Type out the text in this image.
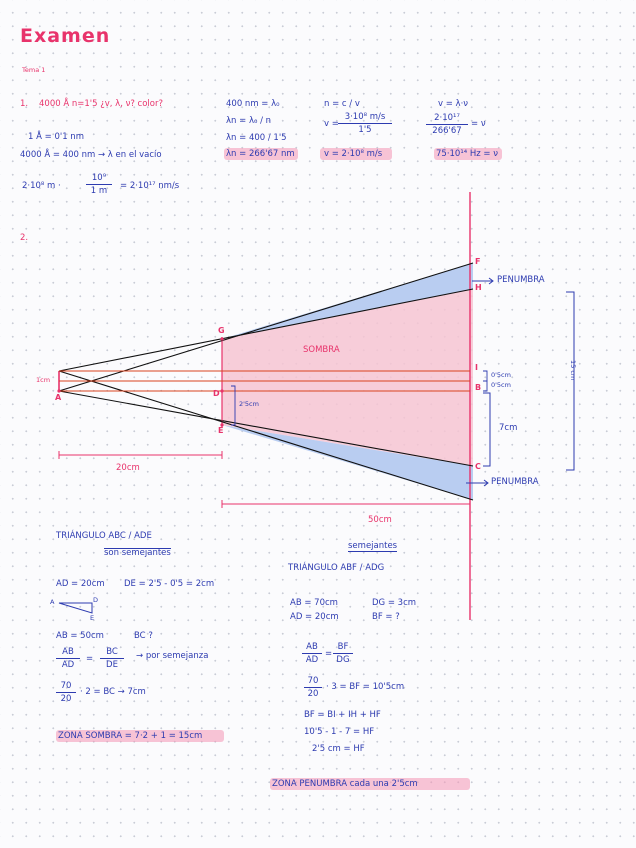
Examen
Tema 1
1. 4000 Å n=1'5 ¿v, λ, ν? color?
1 Å = 0'1 nm
4000 Å = 400 nm → λ en el vacío
400 nm = λ₀
λn = λ₀ / n
λn = 400 / 1'5
λn = 266'67 nm
n = c / v
$v = \frac{\text{3·10⁸ m/s}}{1'5}$
v = 2·10⁸ m/s
v = λ·ν
$\frac{\text{2·10¹⁷}}{266'67} = \nu$
75·10¹⁴ Hz = ν
2·10⁸ m ·	$\frac{\text{10⁹}}{1 m} = 2\cdot 10^{17}$ nm/s
2.
A
G
D
E
F
H
I
B
C
1cm
SOMBRA
PENUMBRA
PENUMBRA
2'5cm
0'5cm
0'5cm
7cm
20cm
50cm
15 cm
TRIÁNGULO ABC / ADE
son semejantes
AD = 20cm DE = 2'5 - 0'5 = 2cm
A	D
E
AB = 50cm	BC ?
$\frac{AB}{AD} = \frac{BC}{DE}$ → por semejanza
$\frac{70}{20} \cdot 2$ = BC → 7cm
ZONA SOMBRA = 7·2 + 1 = 15cm
semejantes
TRIÁNGULO ABF / ADG
AB = 70cm	DG = 3cm
AD = 20cm	BF = ?
$\frac{AB}{AD} = \frac{BF}{DG}$
$\frac{70}{20} \cdot 3$ = BF = 10'5cm
BF = BI + IH + HF
10'5 - 1 - 7 = HF
2'5 cm = HF
ZONA PENUMBRA cada una 2'5cm
